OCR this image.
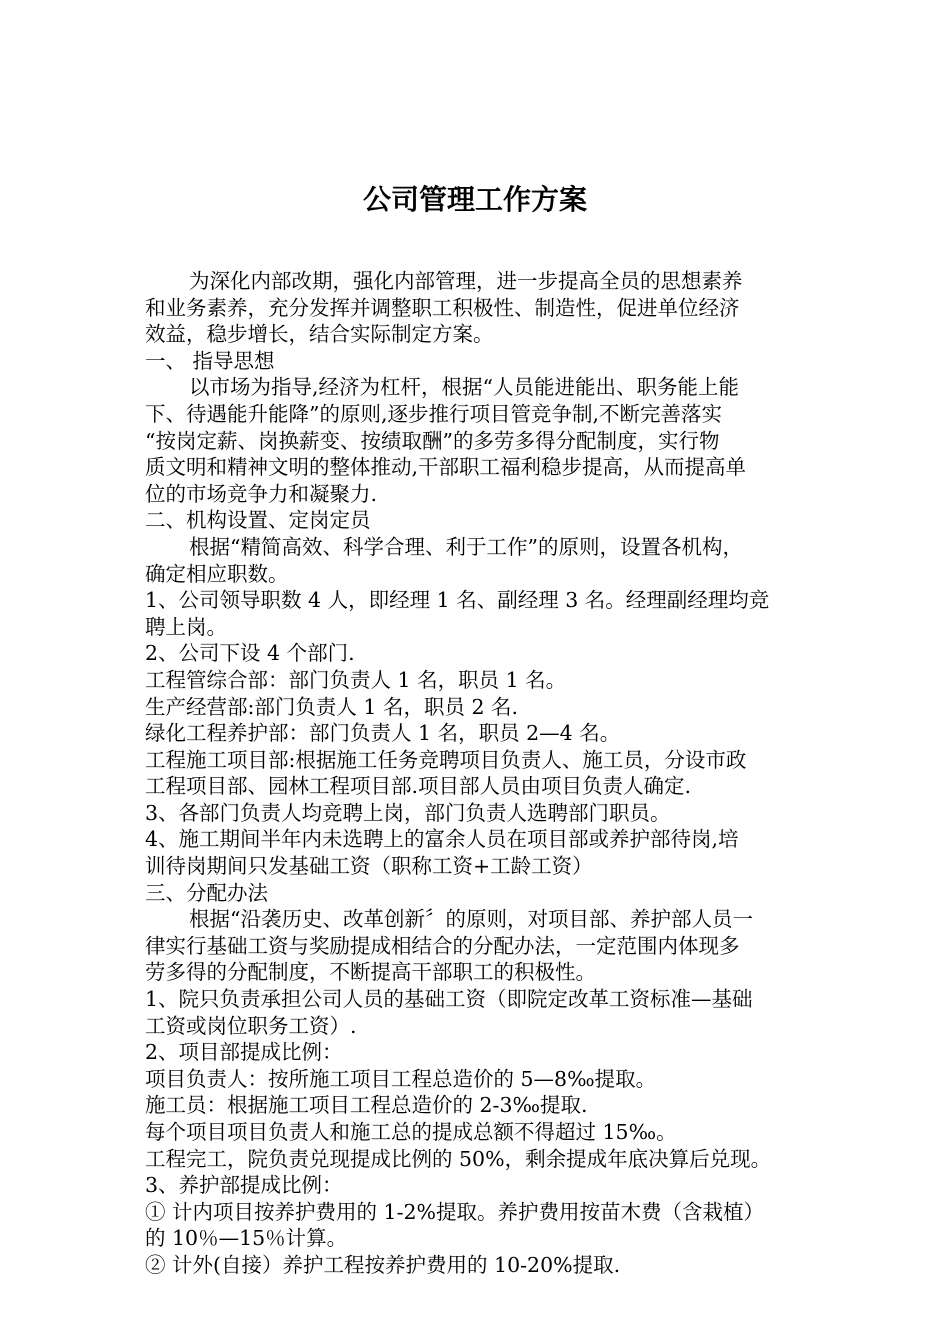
公司管理工作方案
为深化内部改期，强化内部管理，进一步提高全员的思想素养
和业务素养，充分发挥并调整职工积极性、制造性，促进单位经济
效益，稳步增长，结合实际制定方案。
一、 指导思想
以市场为指导,经济为杠杆，根据“人员能进能出、职务能上能
下、待遇能升能降”的原则,逐步推行项目管竞争制,不断完善落实
“按岗定薪、岗换薪变、按绩取酬”的多劳多得分配制度，实行物
质文明和精神文明的整体推动,干部职工福利稳步提高，从而提高单
位的市场竞争力和凝聚力.
二、机构设置、定岗定员
根据“精简高效、科学合理、利于工作”的原则，设置各机构，
确定相应职数。
1、公司领导职数 4 人，即经理 1 名、副经理 3 名。经理副经理均竞
聘上岗。
2、公司下设 4 个部门.
工程管综合部：部门负责人 1 名，职员 1 名。
生产经营部:部门负责人 1 名，职员 2 名.
绿化工程养护部：部门负责人 1 名，职员 2—4 名。
工程施工项目部:根据施工任务竞聘项目负责人、施工员，分设市政
工程项目部、园林工程项目部.项目部人员由项目负责人确定.
3、各部门负责人均竞聘上岗，部门负责人选聘部门职员。
4、施工期间半年内未选聘上的富余人员在项目部或养护部待岗,培
训待岗期间只发基础工资（职称工资+工龄工资）
三、分配办法
根据“沿袭历史、改革创新〞的原则，对项目部、养护部人员一
律实行基础工资与奖励提成相结合的分配办法，一定范围内体现多
劳多得的分配制度，不断提高干部职工的积极性。
1、院只负责承担公司人员的基础工资（即院定改革工资标准—基础
工资或岗位职务工资）.
2、项目部提成比例：
项目负责人：按所施工项目工程总造价的 5—8‰提取。
施工员：根据施工项目工程总造价的 2-3‰提取.
每个项目项目负责人和施工总的提成总额不得超过 15‰。
工程完工，院负责兑现提成比例的 50%，剩余提成年底决算后兑现。
3、养护部提成比例：
① 计内项目按养护费用的 1-2%提取。养护费用按苗木费（含栽植）
的 10％—15％计算。
② 计外(自接）养护工程按养护费用的 10-20%提取.
